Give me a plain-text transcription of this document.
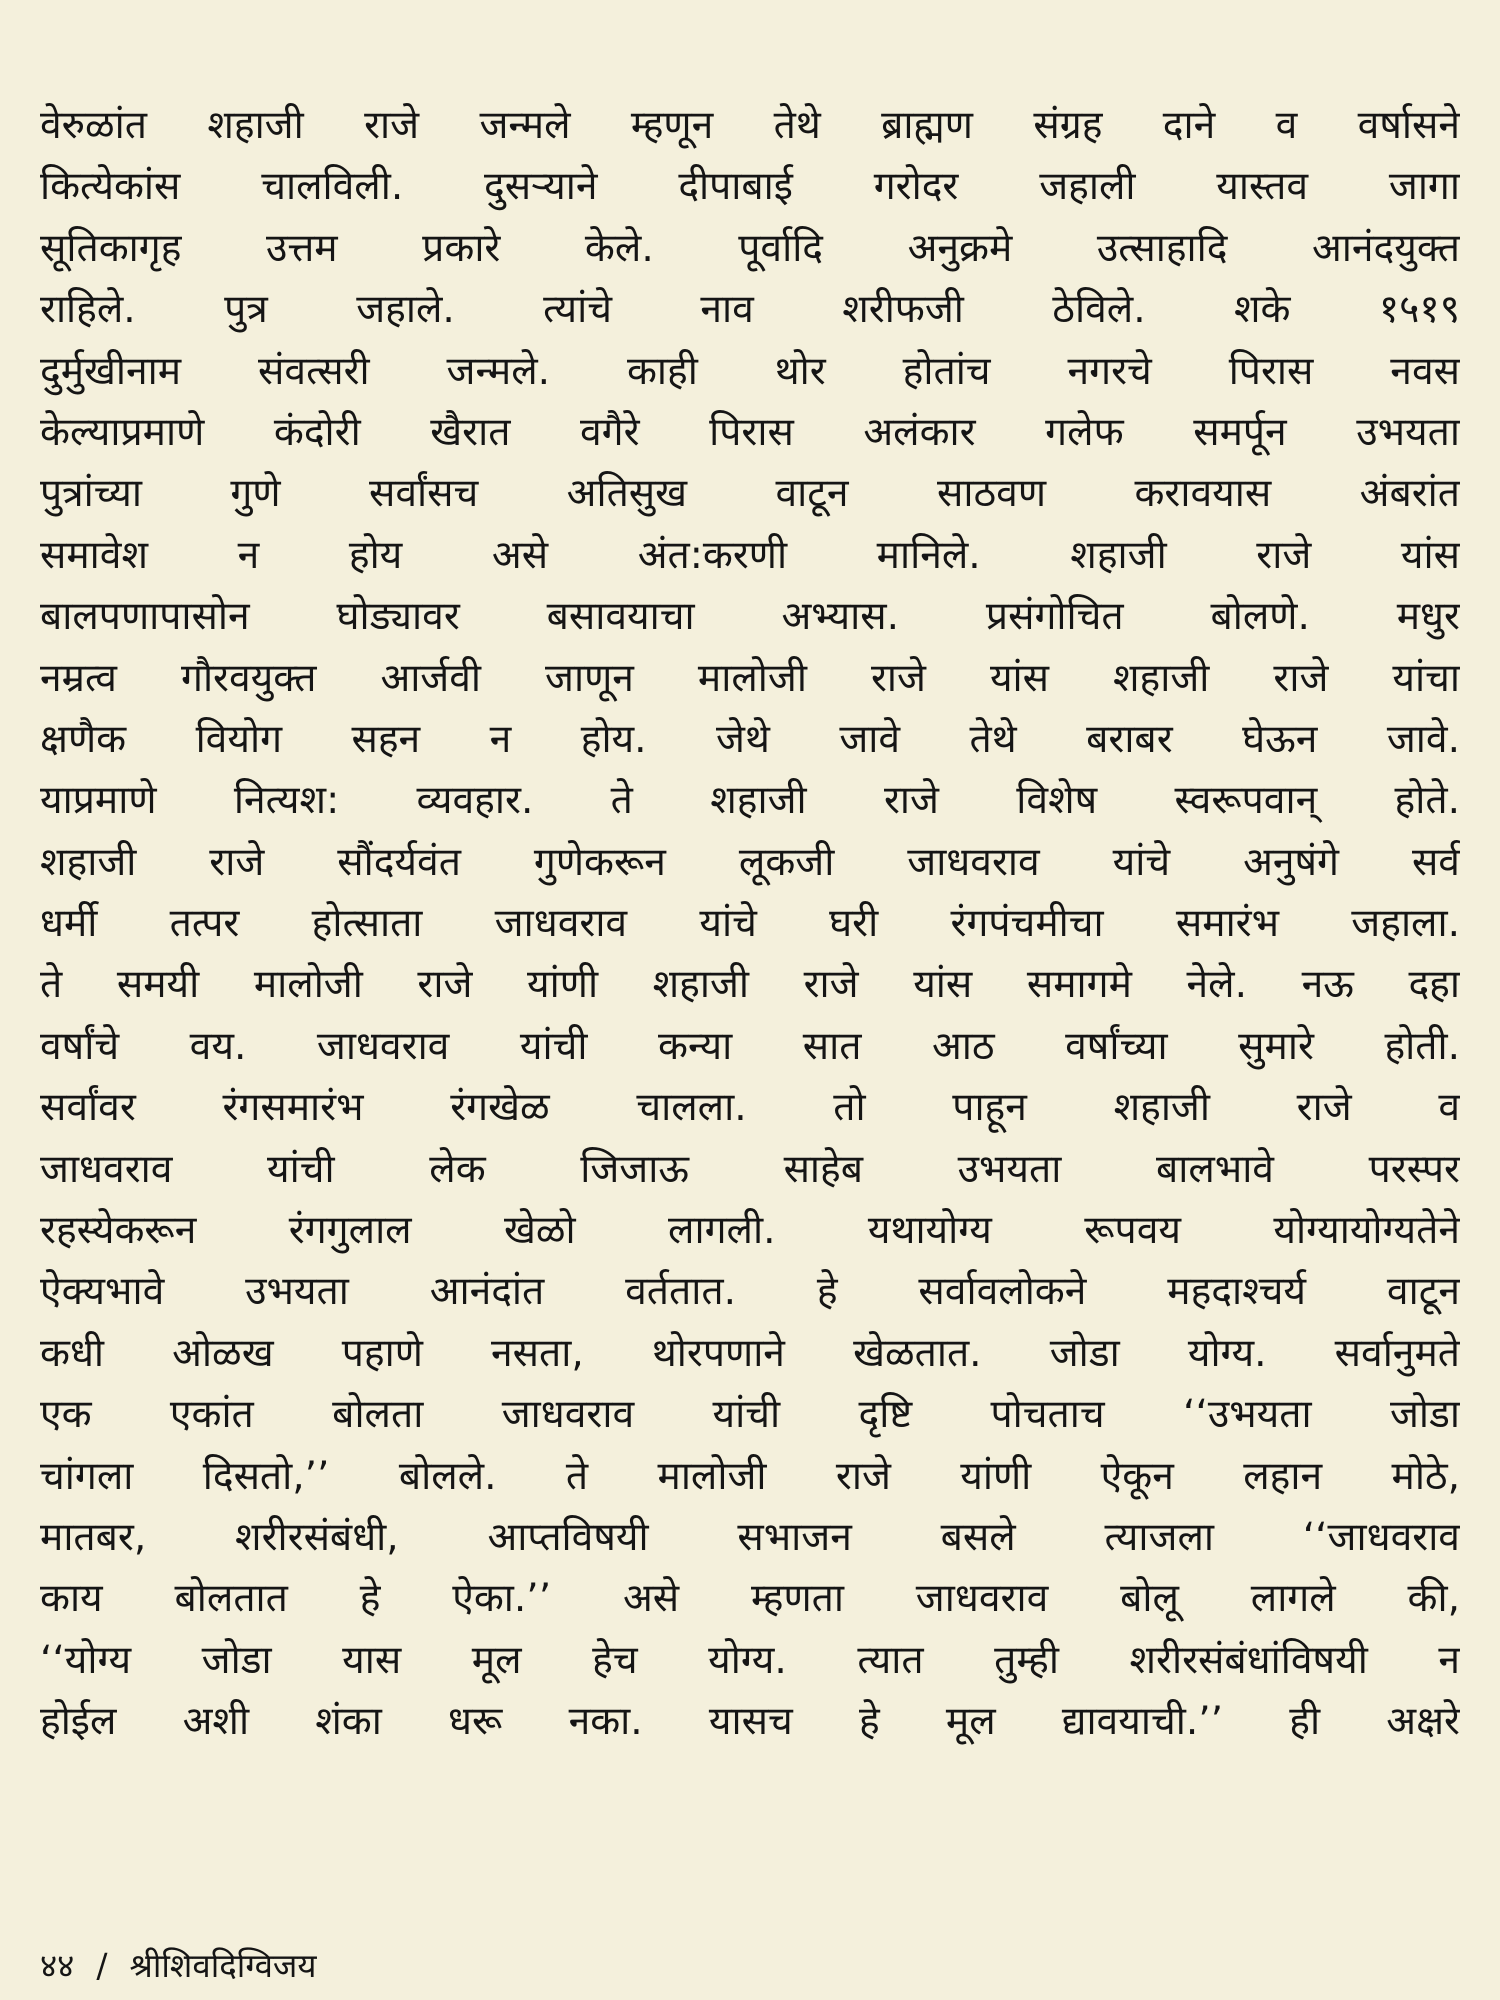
वेरुळांत शहाजी राजे जन्मले म्हणून तेथे ब्राह्मण संग्रह दाने व वर्षासने
कित्येकांस चालविली. दुसऱ्याने दीपाबाई गरोदर जहाली यास्तव जागा
सूतिकागृह उत्तम प्रकारे केले. पूर्वादि अनुक्रमे उत्साहादि आनंदयुक्त
राहिले. पुत्र जहाले. त्यांचे नाव शरीफजी ठेविले. शके १५१९
दुर्मुखीनाम संवत्सरी जन्मले. काही थोर होतांच नगरचे पिरास नवस
केल्याप्रमाणे कंदोरी खैरात वगैरे पिरास अलंकार गलेफ समर्पून उभयता
पुत्रांच्या गुणे सर्वांसच अतिसुख वाटून साठवण करावयास अंबरांत
समावेश न होय असे अंत:करणी मानिले. शहाजी राजे यांस
बालपणापासोन घोड्यावर बसावयाचा अभ्यास. प्रसंगोचित बोलणे. मधुर
नम्रत्व गौरवयुक्त आर्जवी जाणून मालोजी राजे यांस शहाजी राजे यांचा
क्षणैक वियोग सहन न होय. जेथे जावे तेथे बराबर घेऊन जावे.
याप्रमाणे नित्यश: व्यवहार. ते शहाजी राजे विशेष स्वरूपवान् होते.
शहाजी राजे सौंदर्यवंत गुणेकरून लूकजी जाधवराव यांचे अनुषंगे सर्व
धर्मी तत्पर होत्साता जाधवराव यांचे घरी रंगपंचमीचा समारंभ जहाला.
ते समयी मालोजी राजे यांणी शहाजी राजे यांस समागमे नेले. नऊ दहा
वर्षांचे वय. जाधवराव यांची कन्या सात आठ वर्षांच्या सुमारे होती.
सर्वांवर रंगसमारंभ रंगखेळ चालला. तो पाहून शहाजी राजे व
जाधवराव यांची लेक जिजाऊ साहेब उभयता बालभावे परस्पर
रहस्येकरून रंगगुलाल खेळो लागली. यथायोग्य रूपवय योग्यायोग्यतेने
ऐक्यभावे उभयता आनंदांत वर्ततात. हे सर्वावलोकने महदाश्चर्य वाटून
कधी ओळख पहाणे नसता, थोरपणाने खेळतात. जोडा योग्य. सर्वानुमते
एक एकांत बोलता जाधवराव यांची दृष्टि पोचताच ‘‘उभयता जोडा
चांगला दिसतो,’’ बोलले. ते मालोजी राजे यांणी ऐकून लहान मोठे,
मातबर, शरीरसंबंधी, आप्तविषयी सभाजन बसले त्याजला ‘‘जाधवराव
काय बोलतात हे ऐका.’’ असे म्हणता जाधवराव बोलू लागले की,
‘‘योग्य जोडा यास मूल हेच योग्य. त्यात तुम्ही शरीरसंबंधांविषयी न
होईल अशी शंका धरू नका. यासच हे मूल द्यावयाची.’’ ही अक्षरे
४४ / श्रीशिवदिग्विजय
